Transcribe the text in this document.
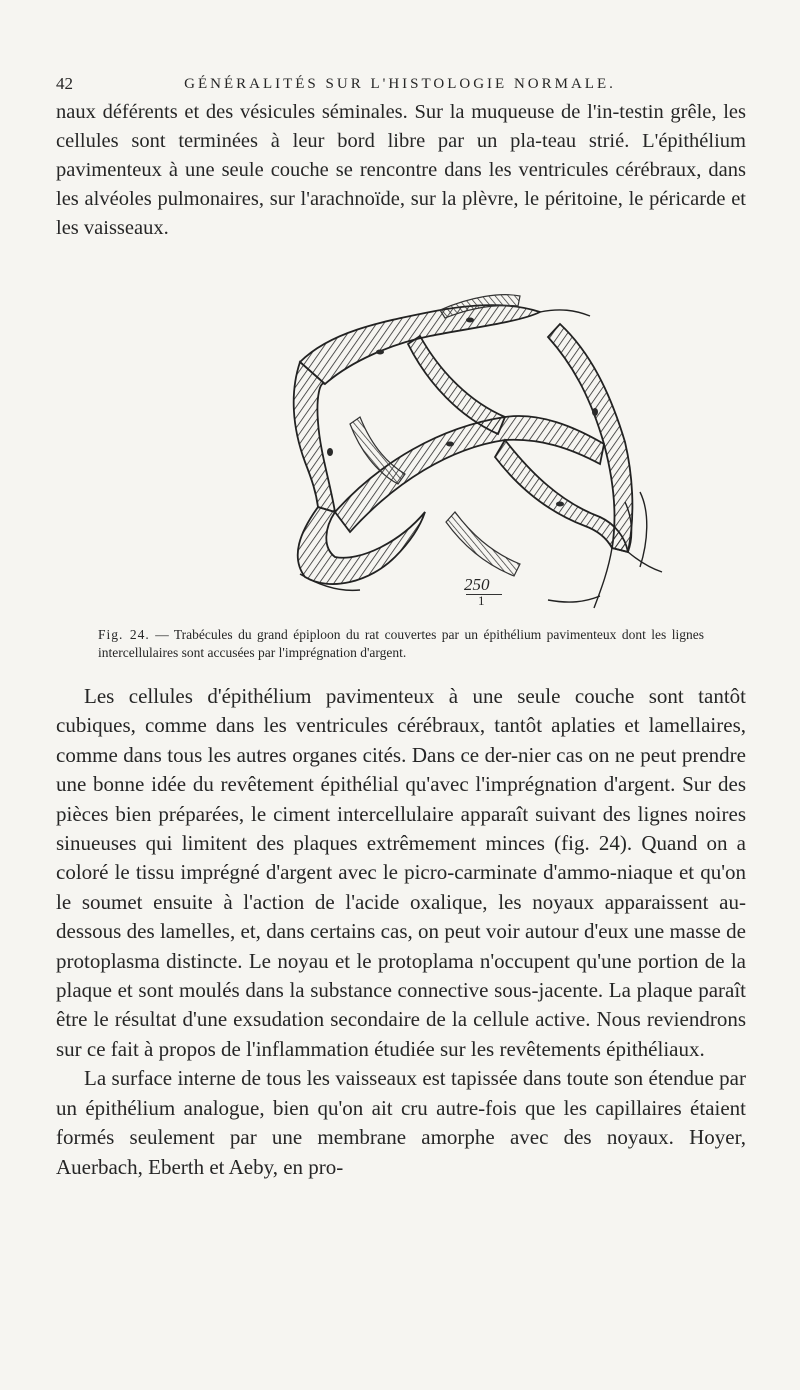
42	GÉNÉRALITÉS SUR L'HISTOLOGIE NORMALE.

naux déférents et des vésicules séminales. Sur la muqueuse de l'in-testin grêle, les cellules sont terminées à leur bord libre par un pla-teau strié. L'épithélium pavimenteux à une seule couche se rencontre dans les ventricules cérébraux, dans les alvéoles pulmonaires, sur l'arachnoïde, sur la plèvre, le péritoine, le péricarde et les vaisseaux.

250
1

Fig. 24. — Trabécules du grand épiploon du rat couvertes par un épithélium pavimenteux dont les lignes intercellulaires sont accusées par l'imprégnation d'argent.

Les cellules d'épithélium pavimenteux à une seule couche sont tantôt cubiques, comme dans les ventricules cérébraux, tantôt aplaties et lamellaires, comme dans tous les autres organes cités. Dans ce der-nier cas on ne peut prendre une bonne idée du revêtement épithélial qu'avec l'imprégnation d'argent. Sur des pièces bien préparées, le ciment intercellulaire apparaît suivant des lignes noires sinueuses qui limitent des plaques extrêmement minces (fig. 24). Quand on a coloré le tissu imprégné d'argent avec le picro-carminate d'ammo-niaque et qu'on le soumet ensuite à l'action de l'acide oxalique, les noyaux apparaissent au-dessous des lamelles, et, dans certains cas, on peut voir autour d'eux une masse de protoplasma distincte. Le noyau et le protoplama n'occupent qu'une portion de la plaque et sont moulés dans la substance connective sous-jacente. La plaque paraît être le résultat d'une exsudation secondaire de la cellule active. Nous reviendrons sur ce fait à propos de l'inflammation étudiée sur les revêtements épithéliaux.

La surface interne de tous les vaisseaux est tapissée dans toute son étendue par un épithélium analogue, bien qu'on ait cru autre-fois que les capillaires étaient formés seulement par une membrane amorphe avec des noyaux. Hoyer, Auerbach, Eberth et Aeby, en pro-
